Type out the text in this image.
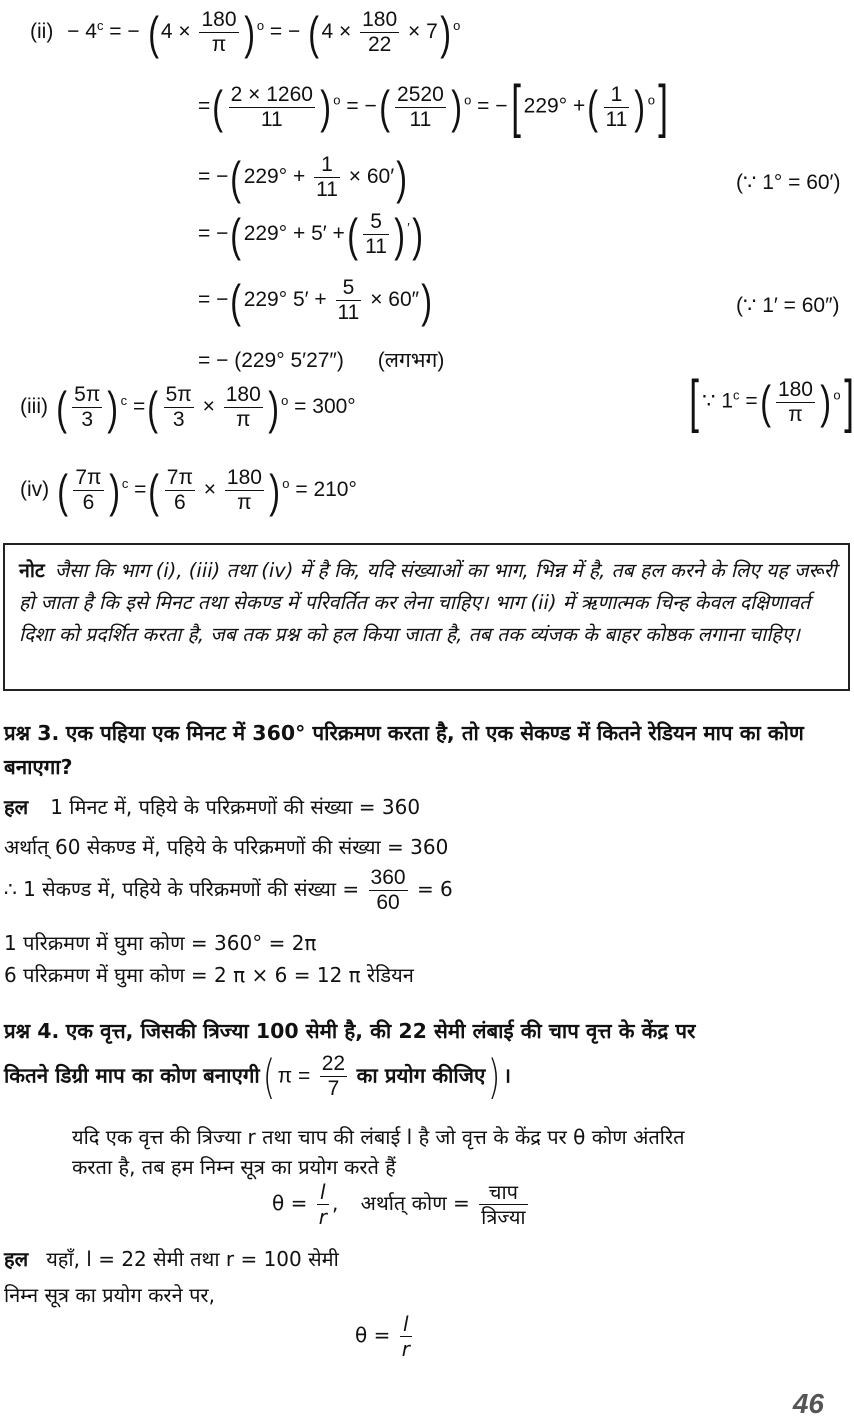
$(ii) - 4^c$ = − ( $4 \times \frac{180}{\pi}$ ) $^o$ = − ( $4 \times \frac{180}{22} \times 7$) $^o$
=( $\frac{2 \times 1260}{11}$ ) $^o$ = −( $\frac{2520}{11}$ ) $^o$ = −[ 229° +( $\frac{1}{11}$ ) $^o$]
= −( $229^\circ + \frac{1}{11} \times 60'$)	(∵ 1° = 60′)
= −( 229° + 5′ +( $\frac{5}{11}$ ) ′)
= −( 229° $5' + \frac{5}{11} \times 60''$)	(∵ 1′ = 60″)
= − (229° 5′27″) (लगभग)
(iii) ( $\frac{5\pi}{3}$ ) $^c$ =( $\frac{5\pi}{3} \times \frac{180}{\pi}$ ) $^o$ = 300°	[ ∵ $1^c$ =( $\frac{180}{\pi}$ ) $^o$]
(iv) ( $\frac{7\pi}{6}$ ) $^c$ =( $\frac{7\pi}{6} \times \frac{180}{\pi}$ ) $^o$ = 210°
नोट जैसा कि भाग (i), (iii) तथा (iv) में है कि, यदि संख्याओं का भाग, भिन्न में है, तब हल करने के लिए यह जरूरी हो जाता है कि इसे मिनट तथा सेकण्ड में परिवर्तित कर लेना चाहिए। भाग (ii) में ऋणात्मक चिन्ह केवल दक्षिणावर्त दिशा को प्रदर्शित करता है, जब तक प्रश्न को हल किया जाता है, तब तक व्यंजक के बाहर कोष्ठक लगाना चाहिए।
प्रश्न 3. एक पहिया एक मिनट में 360° परिक्रमण करता है, तो एक सेकण्ड में कितने रेडियन माप का कोण बनाएगा?
हल 1 मिनट में, पहिये के परिक्रमणों की संख्या = 360
अर्थात् 60 सेकण्ड में, पहिये के परिक्रमणों की संख्या = 360
∴ 1 सेकण्ड में, पहिये के परिक्रमणों की संख्या = $\frac{360}{60} = 6$
1 परिक्रमण में घुमा कोण = 360° = 2π
6 परिक्रमण में घुमा कोण = 2 π × 6 = 12 π रेडियन
प्रश्न 4. एक वृत्त, जिसकी त्रिज्या 100 सेमी है, की 22 सेमी लंबाई की चाप वृत्त के केंद्र पर
कितने डिग्री माप का कोण बनाएगी( $\pi = \frac{22}{7}$ का प्रयोग कीजिए) ।
यदि एक वृत्त की त्रिज्या r तथा चाप की लंबाई l है जो वृत्त के केंद्र पर θ कोण अंतरित
करता है, तब हम निम्न सूत्र का प्रयोग करते हैं
$\theta = \frac{l}{r}$ , अर्थात् कोण = $\frac{\text{चाप}}{\text{त्रिज्या}}$
हल यहाँ, l = 22 सेमी तथा r = 100 सेमी
निम्न सूत्र का प्रयोग करने पर,
$\theta = \frac{l}{r}$
46
